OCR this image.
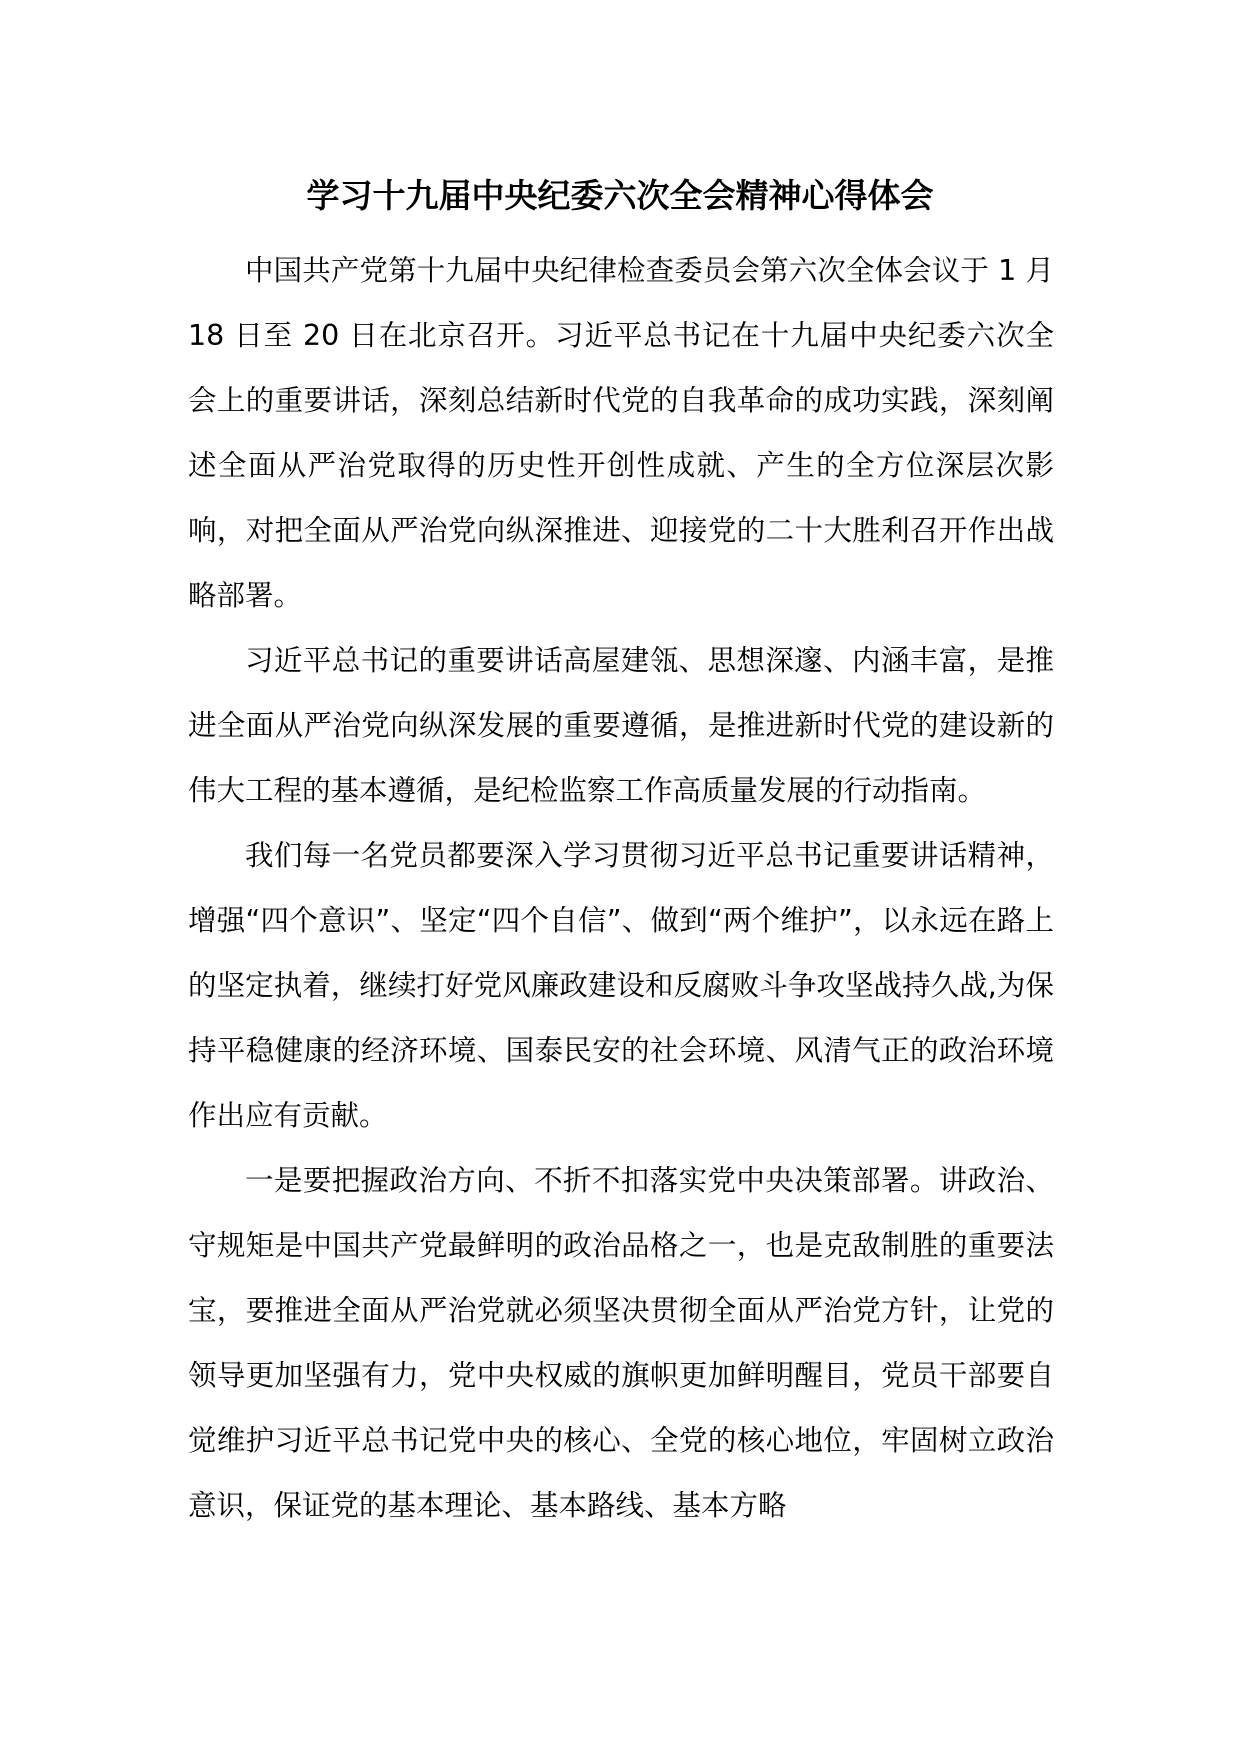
学习十九届中央纪委六次全会精神心得体会

中国共产党第十九届中央纪律检查委员会第六次全体会议于 1 月 18 日至 20 日在北京召开。习近平总书记在十九届中央纪委六次全会上的重要讲话，深刻总结新时代党的自我革命的成功实践，深刻阐述全面从严治党取得的历史性开创性成就、产生的全方位深层次影响，对把全面从严治党向纵深推进、迎接党的二十大胜利召开作出战略部署。

习近平总书记的重要讲话高屋建瓴、思想深邃、内涵丰富，是推进全面从严治党向纵深发展的重要遵循，是推进新时代党的建设新的伟大工程的基本遵循，是纪检监察工作高质量发展的行动指南。

我们每一名党员都要深入学习贯彻习近平总书记重要讲话精神，增强“四个意识”、坚定“四个自信”、做到“两个维护”，以永远在路上的坚定执着，继续打好党风廉政建设和反腐败斗争攻坚战持久战,为保持平稳健康的经济环境、国泰民安的社会环境、风清气正的政治环境作出应有贡献。

一是要把握政治方向、不折不扣落实党中央决策部署。讲政治、守规矩是中国共产党最鲜明的政治品格之一，也是克敌制胜的重要法宝，要推进全面从严治党就必须坚决贯彻全面从严治党方针，让党的领导更加坚强有力，党中央权威的旗帜更加鲜明醒目，党员干部要自觉维护习近平总书记党中央的核心、全党的核心地位，牢固树立政治意识，保证党的基本理论、基本路线、基本方略
